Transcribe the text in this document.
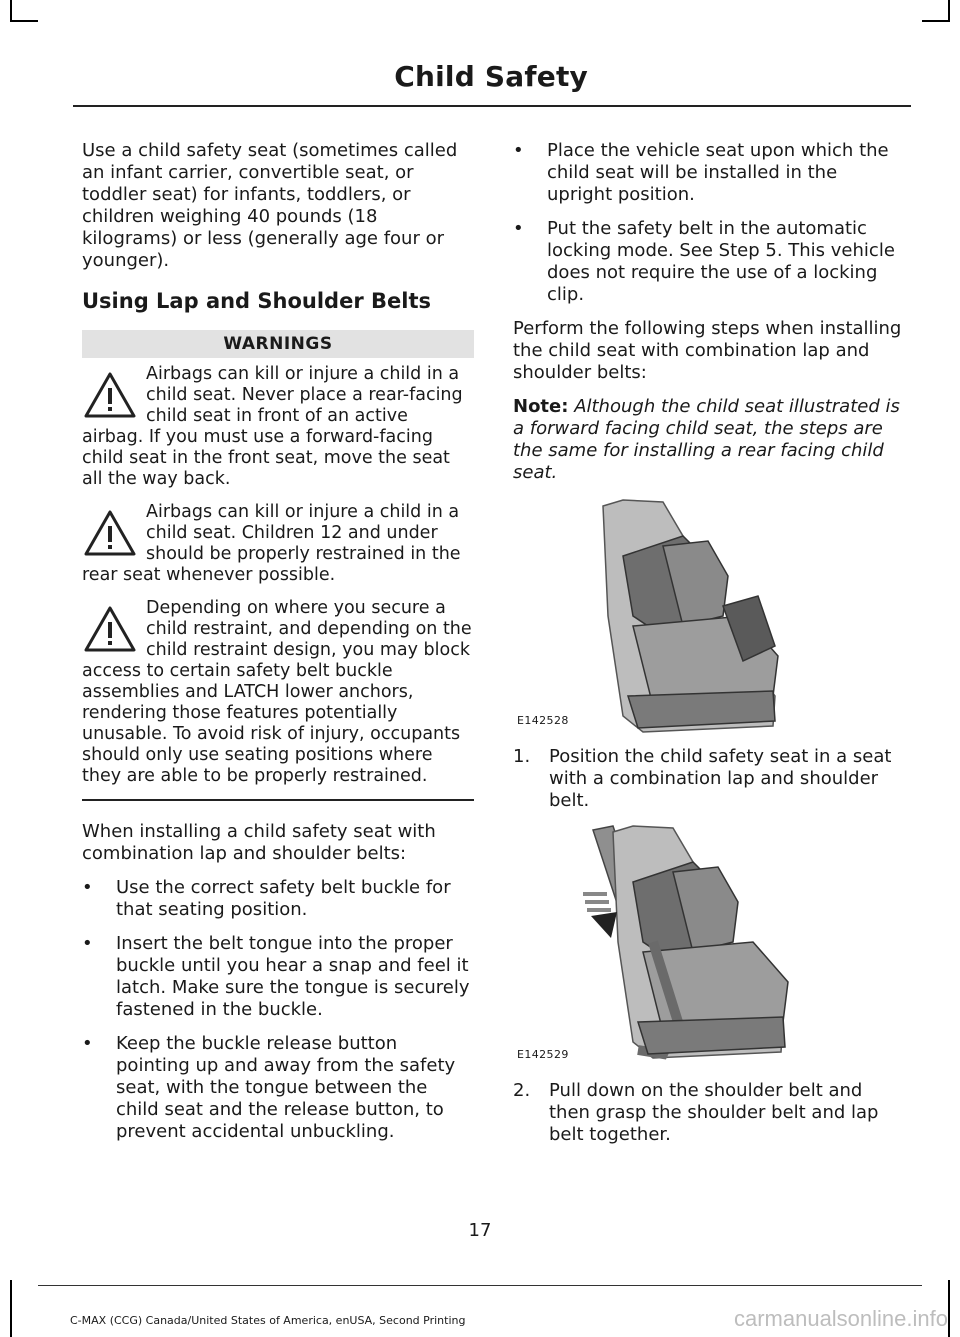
Child Safety

Use a child safety seat (sometimes called an infant carrier, convertible seat, or toddler seat) for infants, toddlers, or children weighing 40 pounds (18 kilograms) or less (generally age four or younger).

Using Lap and Shoulder Belts
WARNINGS
Airbags can kill or injure a child in a child seat. Never place a rear-facing child seat in front of an active airbag. If you must use a forward-facing child seat in the front seat, move the seat all the way back.
Airbags can kill or injure a child in a child seat. Children 12 and under should be properly restrained in the rear seat whenever possible.
Depending on where you secure a child restraint, and depending on the child restraint design, you may block access to certain safety belt buckle assemblies and LATCH lower anchors, rendering those features potentially unusable. To avoid risk of injury, occupants should only use seating positions where they are able to be properly restrained.

When installing a child safety seat with combination lap and shoulder belts:

• Use the correct safety belt buckle for that seating position.
• Insert the belt tongue into the proper buckle until you hear a snap and feel it latch. Make sure the tongue is securely fastened in the buckle.
• Keep the buckle release button pointing up and away from the safety seat, with the tongue between the child seat and the release button, to prevent accidental unbuckling.
• Place the vehicle seat upon which the child seat will be installed in the upright position.
• Put the safety belt in the automatic locking mode. See Step 5. This vehicle does not require the use of a locking clip.

Perform the following steps when installing the child seat with combination lap and shoulder belts:

Note: Although the child seat illustrated is a forward facing child seat, the steps are the same for installing a rear facing child seat.

E142528
1. Position the child safety seat in a seat with a combination lap and shoulder belt.
E142529
2. Pull down on the shoulder belt and then grasp the shoulder belt and lap belt together.
17
C-MAX (CCG) Canada/United States of America, enUSA, Second Printing	carmanualsonline.info
